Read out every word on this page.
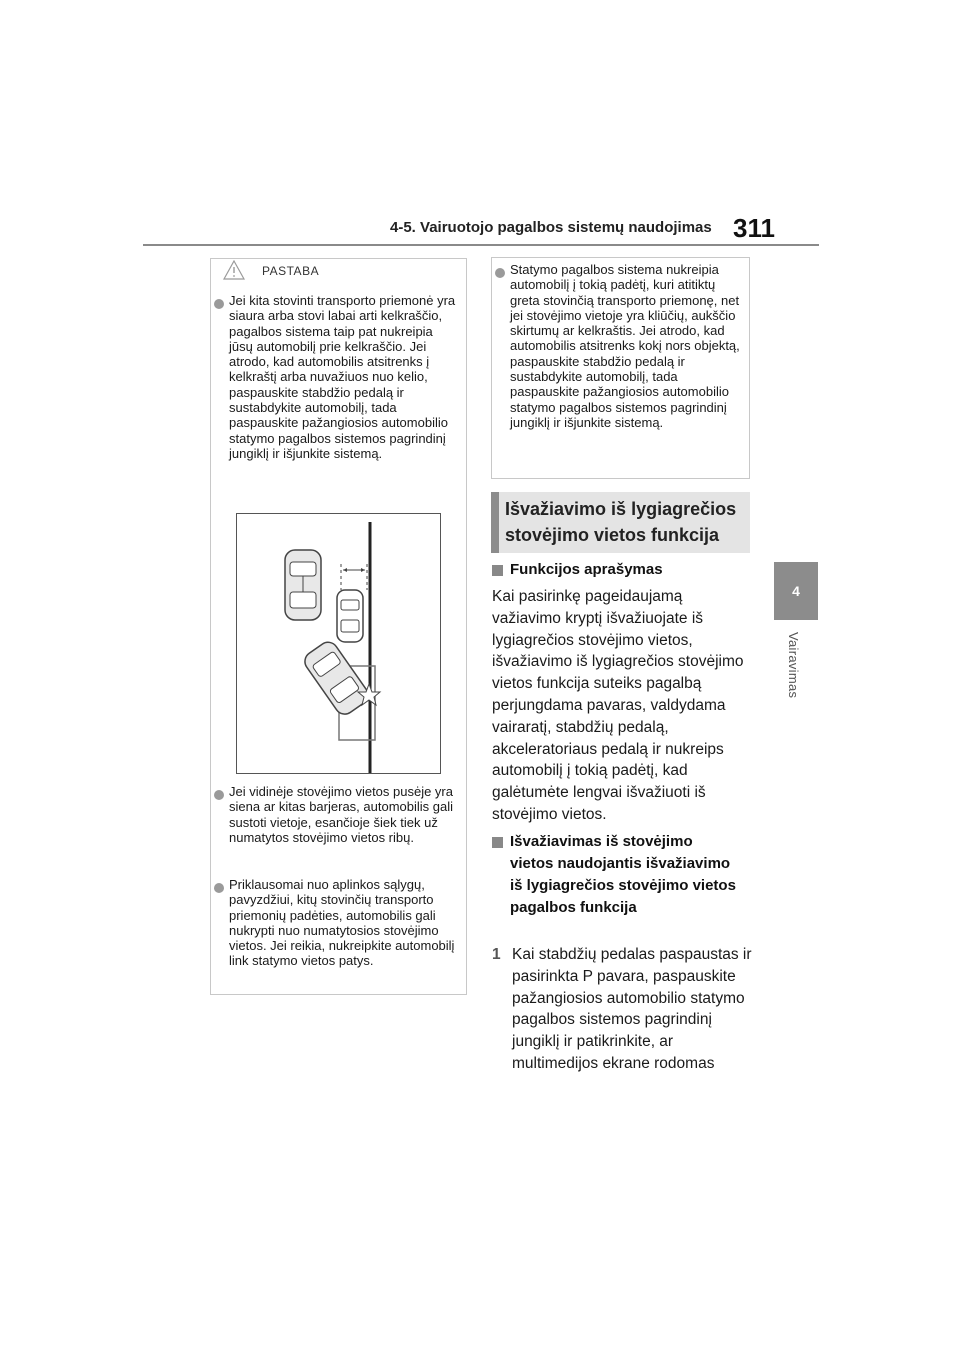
4-5. Vairuotojo pagalbos sistemų naudojimas 311
4
Vairavimas
PASTABA
Jei kita stovinti transporto priemonė yra siaura arba stovi labai arti kelkraščio, pagalbos sistema taip pat nukreipia jūsų automobilį prie kelkraščio. Jei atrodo, kad automobilis atsitrenks į kelkraštį arba nuvažiuos nuo kelio, paspauskite stabdžio pedalą ir sustabdykite automobilį, tada paspauskite pažangiosios automobilio statymo pagalbos sistemos pagrindinį jungiklį ir išjunkite sistemą.
Jei vidinėje stovėjimo vietos pusėje yra siena ar kitas barjeras, automobilis gali sustoti vietoje, esančioje šiek tiek už numatytos stovėjimo vietos ribų.
Priklausomai nuo aplinkos sąlygų, pavyzdžiui, kitų stovinčių transporto priemonių padėties, automobilis gali nukrypti nuo numatytosios stovėjimo vietos. Jei reikia, nukreipkite automobilį link statymo vietos patys.
Statymo pagalbos sistema nukreipia automobilį į tokią padėtį, kuri atitiktų greta stovinčią transporto priemonę, net jei stovėjimo vietoje yra kliūčių, aukščio skirtumų ar kelkraštis. Jei atrodo, kad automobilis atsitrenks kokį nors objektą, paspauskite stabdžio pedalą ir sustabdykite automobilį, tada paspauskite pažangiosios automobilio statymo pagalbos sistemos pagrindinį jungiklį ir išjunkite sistemą.
Išvažiavimo iš lygiagrečios stovėjimo vietos funkcija
Funkcijos aprašymas
Kai pasirinkę pageidaujamą važiavimo kryptį išvažiuojate iš lygiagrečios stovėjimo vietos, išvažiavimo iš lygiagrečios stovėjimo vietos funkcija suteiks pagalbą perjungdama pavaras, valdydama vairaratį, stabdžių pedalą, akceleratoriaus pedalą ir nukreips automobilį į tokią padėtį, kad galėtumėte lengvai išvažiuoti iš stovėjimo vietos.
Išvažiavimas iš stovėjimo vietos naudojantis išvažiavimo iš lygiagrečios stovėjimo vietos pagalbos funkcija
1 Kai stabdžių pedalas paspaustas ir pasirinkta P pavara, paspauskite pažangiosios automobilio statymo pagalbos sistemos pagrindinį jungiklį ir patikrinkite, ar multimedijos ekrane rodomas
